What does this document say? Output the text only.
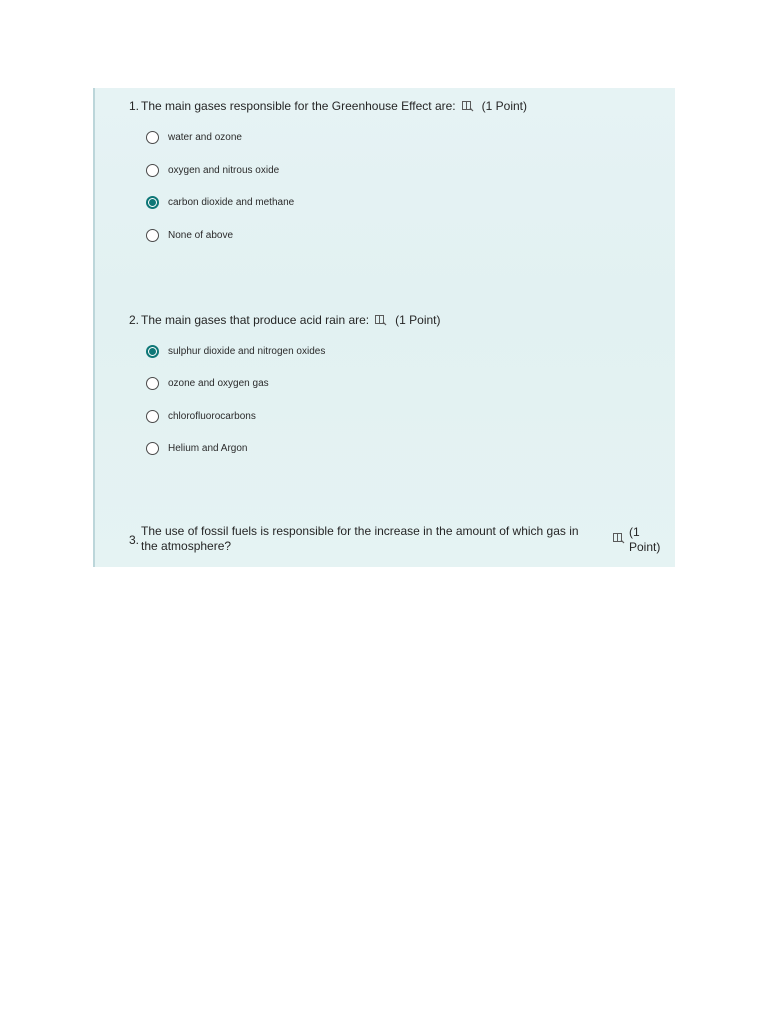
1. The main gases responsible for the Greenhouse Effect are: (1 Point)
water and ozone
oxygen and nitrous oxide
carbon dioxide and methane
None of above
2. The main gases that produce acid rain are: (1 Point)
sulphur dioxide and nitrogen oxides
ozone and oxygen gas
chlorofluorocarbons
Helium and Argon
3.
The use of fossil fuels is responsible for the increase in the amount of which gas in the atmosphere?
(1 Point)
